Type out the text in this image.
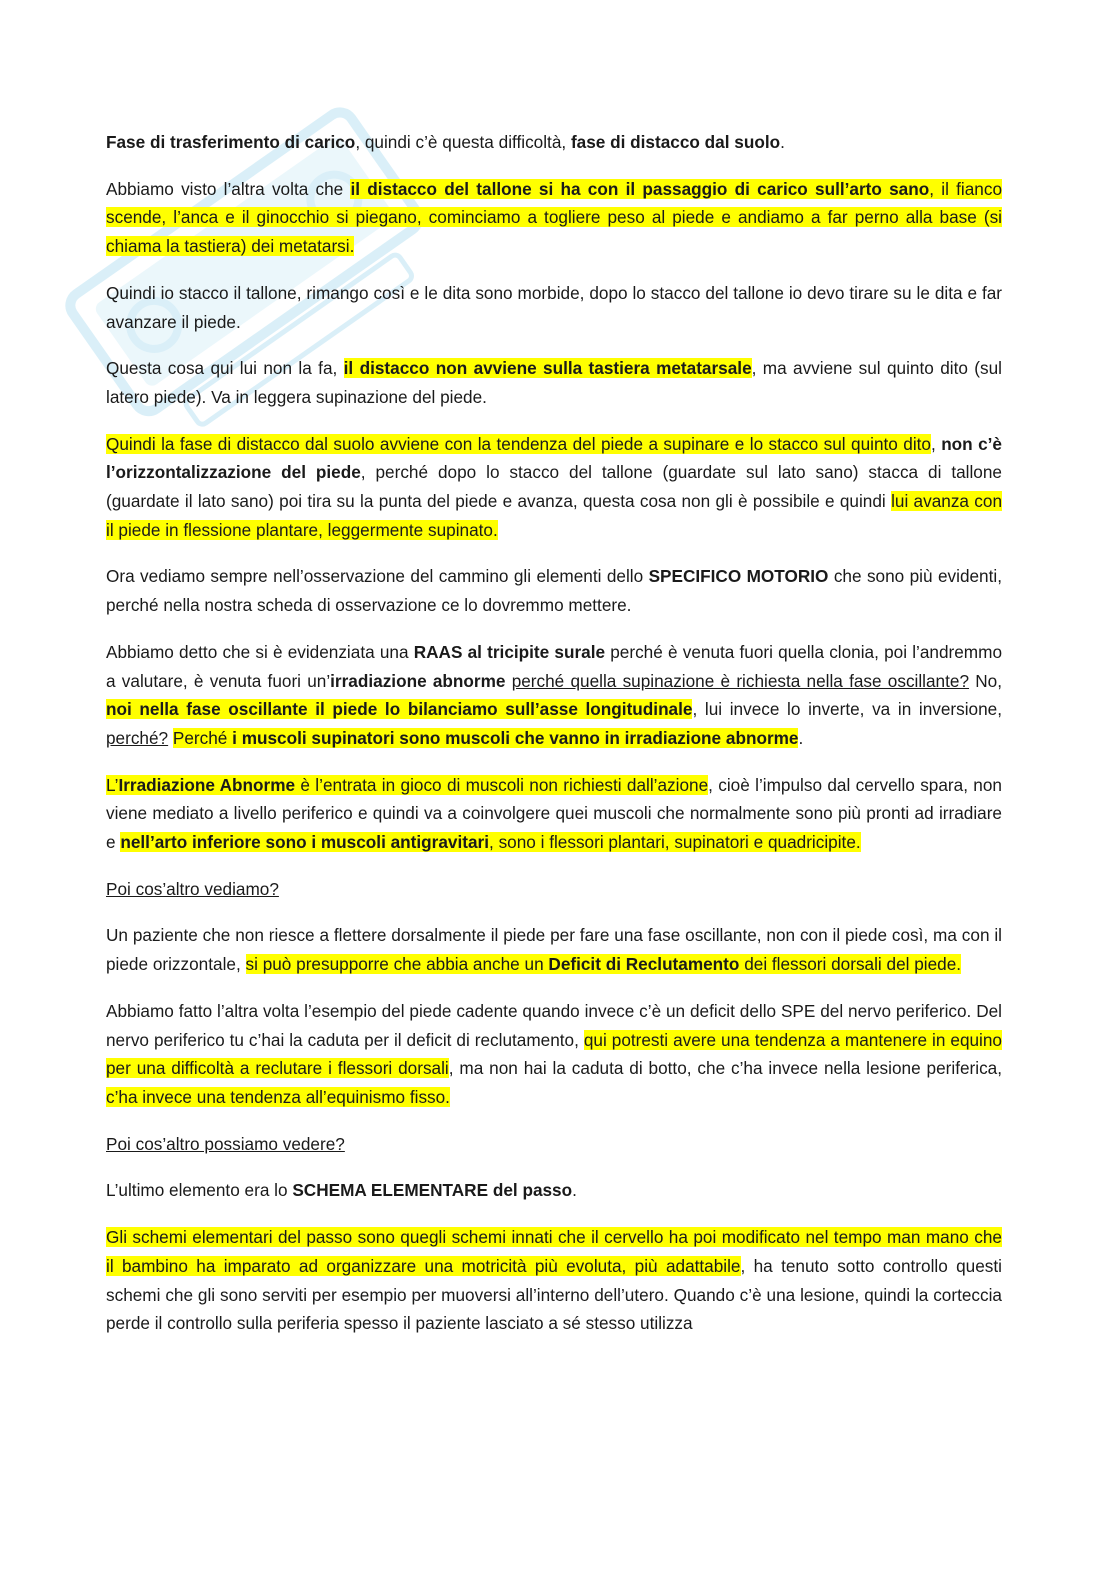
Fase di trasferimento di carico, quindi c’è questa difficoltà, fase di distacco dal suolo.

Abbiamo visto l’altra volta che il distacco del tallone si ha con il passaggio di carico sull’arto sano, il fianco scende, l’anca e il ginocchio si piegano, cominciamo a togliere peso al piede e andiamo a far perno alla base (si chiama la tastiera) dei metatarsi.

Quindi io stacco il tallone, rimango così e le dita sono morbide, dopo lo stacco del tallone io devo tirare su le dita e far avanzare il piede.

Questa cosa qui lui non la fa, il distacco non avviene sulla tastiera metatarsale, ma avviene sul quinto dito (sul latero piede). Va in leggera supinazione del piede.

Quindi la fase di distacco dal suolo avviene con la tendenza del piede a supinare e lo stacco sul quinto dito, non c’è l’orizzontalizzazione del piede, perché dopo lo stacco del tallone (guardate sul lato sano) stacca di tallone (guardate il lato sano) poi tira su la punta del piede e avanza, questa cosa non gli è possibile e quindi lui avanza con il piede in flessione plantare, leggermente supinato.

Ora vediamo sempre nell’osservazione del cammino gli elementi dello SPECIFICO MOTORIO che sono più evidenti, perché nella nostra scheda di osservazione ce lo dovremmo mettere.

Abbiamo detto che si è evidenziata una RAAS al tricipite surale perché è venuta fuori quella clonia, poi l’andremmo a valutare, è venuta fuori un’irradiazione abnorme perché quella supinazione è richiesta nella fase oscillante? No, noi nella fase oscillante il piede lo bilanciamo sull’asse longitudinale, lui invece lo inverte, va in inversione, perché? Perché i muscoli supinatori sono muscoli che vanno in irradiazione abnorme.

L’Irradiazione Abnorme è l’entrata in gioco di muscoli non richiesti dall’azione, cioè l’impulso dal cervello spara, non viene mediato a livello periferico e quindi va a coinvolgere quei muscoli che normalmente sono più pronti ad irradiare e nell’arto inferiore sono i muscoli antigravitari, sono i flessori plantari, supinatori e quadricipite.

Poi cos’altro vediamo?

Un paziente che non riesce a flettere dorsalmente il piede per fare una fase oscillante, non con il piede così, ma con il piede orizzontale, si può presupporre che abbia anche un Deficit di Reclutamento dei flessori dorsali del piede.

Abbiamo fatto l’altra volta l’esempio del piede cadente quando invece c’è un deficit dello SPE del nervo periferico. Del nervo periferico tu c’hai la caduta per il deficit di reclutamento, qui potresti avere una tendenza a mantenere in equino per una difficoltà a reclutare i flessori dorsali, ma non hai la caduta di botto, che c’ha invece nella lesione periferica, c’ha invece una tendenza all’equinismo fisso.

Poi cos’altro possiamo vedere?

L’ultimo elemento era lo SCHEMA ELEMENTARE del passo.

Gli schemi elementari del passo sono quegli schemi innati che il cervello ha poi modificato nel tempo man mano che il bambino ha imparato ad organizzare una motricità più evoluta, più adattabile, ha tenuto sotto controllo questi schemi che gli sono serviti per esempio per muoversi all’interno dell’utero. Quando c’è una lesione, quindi la corteccia perde il controllo sulla periferia spesso il paziente lasciato a sé stesso utilizza
